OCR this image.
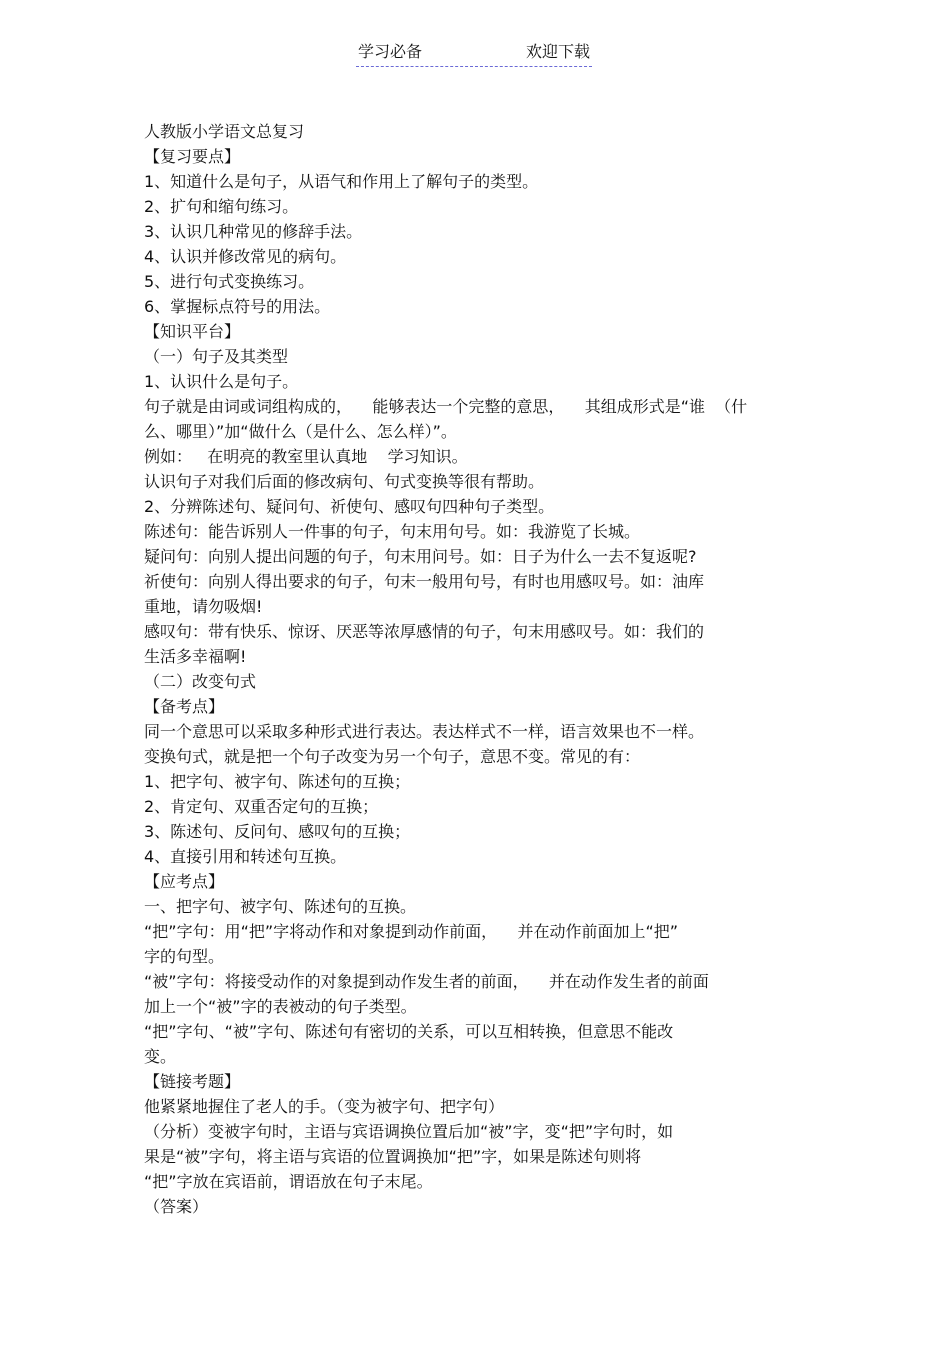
学习必备	欢迎下载
人教版小学语文总复习
【复习要点】
1、知道什么是句子，从语气和作用上了解句子的类型。
2、扩句和缩句练习。
3、认识几种常见的修辞手法。
4、认识并修改常见的病句。
5、进行句式变换练习。
6、掌握标点符号的用法。
【知识平台】
（一）句子及其类型
1、认识什么是句子。
句子就是由词或词组构成的，    能够表达一个完整的意思，    其组成形式是“谁  （什
么、哪里）”加“做什么（是什么、怎么样）”。
例如：   在明亮的教室里认真地    学习知识。
认识句子对我们后面的修改病句、句式变换等很有帮助。
2、分辨陈述句、疑问句、祈使句、感叹句四种句子类型。
陈述句：能告诉别人一件事的句子，句末用句号。如：我游览了长城。
疑问句：向别人提出问题的句子，句末用问号。如：日子为什么一去不复返呢?
祈使句：向别人得出要求的句子，句末一般用句号，有时也用感叹号。如：油库
重地，请勿吸烟!
感叹句：带有快乐、惊讶、厌恶等浓厚感情的句子，句末用感叹号。如：我们的
生活多幸福啊!
（二）改变句式
【备考点】
同一个意思可以采取多种形式进行表达。表达样式不一样，语言效果也不一样。
变换句式，就是把一个句子改变为另一个句子，意思不变。常见的有：
1、把字句、被字句、陈述句的互换；
2、肯定句、双重否定句的互换；
3、陈述句、反问句、感叹句的互换；
4、直接引用和转述句互换。
【应考点】
一、把字句、被字句、陈述句的互换。
“把”字句：用“把”字将动作和对象提到动作前面，    并在动作前面加上“把”
字的句型。
“被”字句：将接受动作的对象提到动作发生者的前面，    并在动作发生者的前面
加上一个“被”字的表被动的句子类型。
“把”字句、“被”字句、陈述句有密切的关系，可以互相转换，但意思不能改
变。
【链接考题】
他紧紧地握住了老人的手。（变为被字句、把字句）
（分析）变被字句时，主语与宾语调换位置后加“被”字，变“把”字句时，如
果是“被”字句，将主语与宾语的位置调换加“把”字，如果是陈述句则将
“把”字放在宾语前，谓语放在句子末尾。
（答案）
